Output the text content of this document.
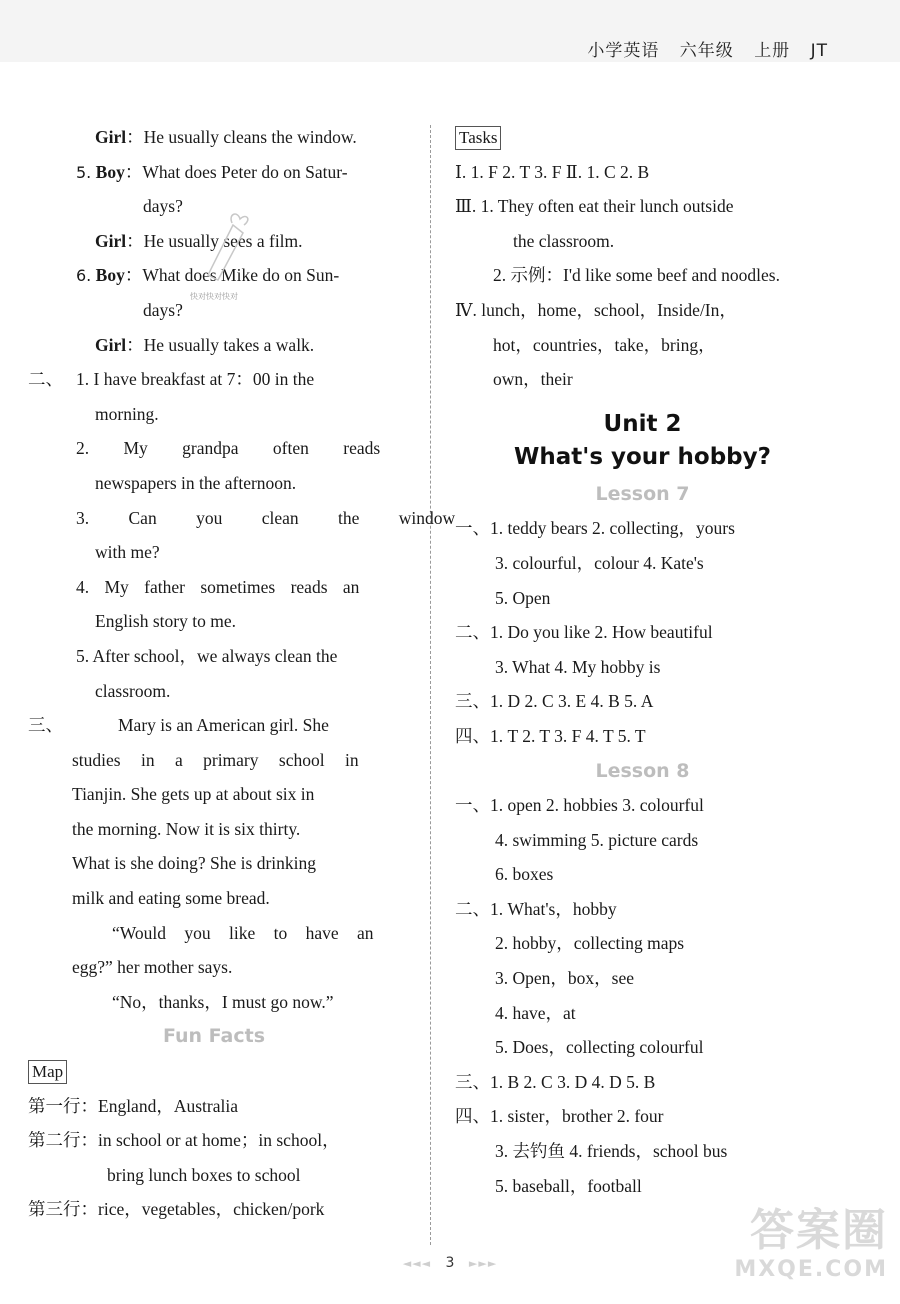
小学英语 六年级 上册 JT
Girl：He usually cleans the window.
5. Boy：What does Peter do on Satur-
days?
Girl：He usually sees a film.
6. Boy：What does Mike do on Sun-
days?
Girl：He usually takes a walk.
二、 1. I have breakfast at 7：00 in the
morning.
2. My grandpa often reads
newspapers in the afternoon.
3. Can you clean the window
with me?
4. My father sometimes reads an
English story to me.
5. After school，we always clean the
classroom.
三、	Mary is an American girl. She
studies in a primary school in
Tianjin. She gets up at about six in
the morning. Now it is six thirty.
What is she doing? She is drinking
milk and eating some bread.
“Would you like to have an
egg?” her mother says.
“No，thanks，I must go now.”
Fun Facts
Map
第一行：England，Australia
第二行：in school or at home；in school，
bring lunch boxes to school
第三行：rice，vegetables，chicken/pork
Tasks
Ⅰ. 1. F 2. T 3. F Ⅱ. 1. C 2. B
Ⅲ. 1. They often eat their lunch outside
the classroom.
2. 示例：I'd like some beef and noodles.
Ⅳ. lunch，home，school，Inside/In，
hot，countries，take，bring，
own，their
Unit 2
What's your hobby?
Lesson 7
一、1. teddy bears 2. collecting，yours
3. colourful，colour 4. Kate's
5. Open
二、1. Do you like 2. How beautiful
3. What 4. My hobby is
三、1. D 2. C 3. E 4. B 5. A
四、1. T 2. T 3. F 4. T 5. T
Lesson 8
一、1. open 2. hobbies 3. colourful
4. swimming 5. picture cards
6. boxes
二、1. What's，hobby
2. hobby，collecting maps
3. Open，box，see
4. have，at
5. Does，collecting colourful
三、1. B 2. C 3. D 4. D 5. B
四、1. sister，brother 2. four
3. 去钓鱼 4. friends，school bus
5. baseball，football
快对快对快对
◄◄◄ 3 ►►►
答案圈
MXQE.COM
